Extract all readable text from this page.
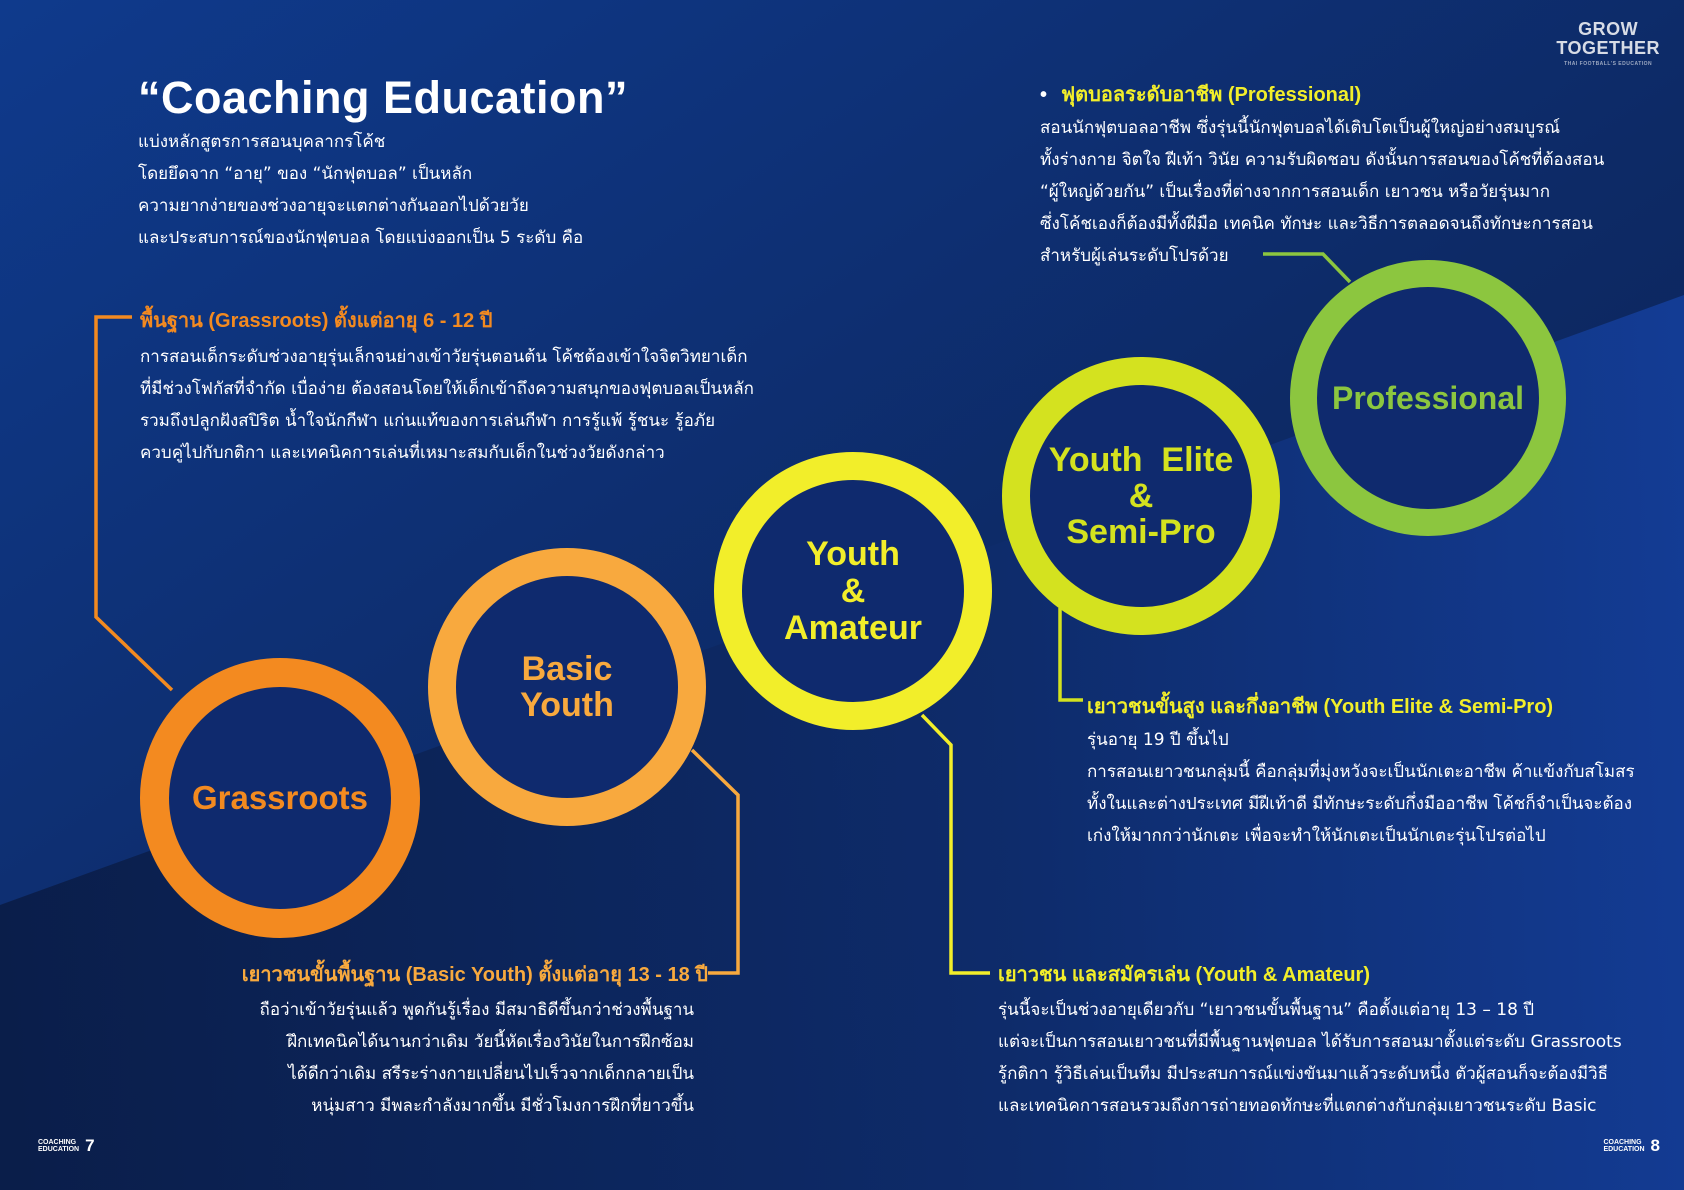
GROW
TOGETHER
THAI FOOTBALL'S EDUCATION
“Coaching Education”
แบ่งหลักสูตรการสอนบุคลากรโค้ช
โดยยึดจาก “อายุ” ของ “นักฟุตบอล” เป็นหลัก
ความยากง่ายของช่วงอายุจะแตกต่างกันออกไปด้วยวัย
และประสบการณ์ของนักฟุตบอล โดยแบ่งออกเป็น 5 ระดับ คือ
พื้นฐาน (Grassroots) ตั้งแต่อายุ 6 - 12 ปี
การสอนเด็กระดับช่วงอายุรุ่นเล็กจนย่างเข้าวัยรุ่นตอนต้น โค้ชต้องเข้าใจจิตวิทยาเด็ก
ที่มีช่วงโฟกัสที่จำกัด เบื่อง่าย ต้องสอนโดยให้เด็กเข้าถึงความสนุกของฟุตบอลเป็นหลัก
รวมถึงปลูกฝังสปิริต น้ำใจนักกีฬา แก่นแท้ของการเล่นกีฬา การรู้แพ้ รู้ชนะ รู้อภัย
ควบคู่ไปกับกติกา และเทคนิคการเล่นที่เหมาะสมกับเด็กในช่วงวัยดังกล่าว
• ฟุตบอลระดับอาชีพ (Professional)
สอนนักฟุตบอลอาชีพ ซึ่งรุ่นนี้นักฟุตบอลได้เติบโตเป็นผู้ใหญ่อย่างสมบูรณ์
ทั้งร่างกาย จิตใจ ฝีเท้า วินัย ความรับผิดชอบ ดังนั้นการสอนของโค้ชที่ต้องสอน
“ผู้ใหญ่ด้วยกัน” เป็นเรื่องที่ต่างจากการสอนเด็ก เยาวชน หรือวัยรุ่นมาก
ซึ่งโค้ชเองก็ต้องมีทั้งฝีมือ เทคนิค ทักษะ และวิธีการตลอดจนถึงทักษะการสอน
สำหรับผู้เล่นระดับโปรด้วย
เยาวชนขั้นสูง และกึ่งอาชีพ (Youth Elite & Semi-Pro)
รุ่นอายุ 19 ปี ขึ้นไป
การสอนเยาวชนกลุ่มนี้ คือกลุ่มที่มุ่งหวังจะเป็นนักเตะอาชีพ ค้าแข้งกับสโมสร
ทั้งในและต่างประเทศ มีฝีเท้าดี มีทักษะระดับกึ่งมืออาชีพ โค้ชก็จำเป็นจะต้อง
เก่งให้มากกว่านักเตะ เพื่อจะทำให้นักเตะเป็นนักเตะรุ่นโปรต่อไป
เยาวชนขั้นพื้นฐาน (Basic Youth) ตั้งแต่อายุ 13 - 18 ปี
ถือว่าเข้าวัยรุ่นแล้ว พูดกันรู้เรื่อง มีสมาธิดีขึ้นกว่าช่วงพื้นฐาน
ฝึกเทคนิคได้นานกว่าเดิม วัยนี้หัดเรื่องวินัยในการฝึกซ้อม
ได้ดีกว่าเดิม สรีระร่างกายเปลี่ยนไปเร็วจากเด็กกลายเป็น
หนุ่มสาว มีพละกำลังมากขึ้น มีชั่วโมงการฝึกที่ยาวขึ้น
เยาวชน และสมัครเล่น (Youth & Amateur)
รุ่นนี้จะเป็นช่วงอายุเดียวกับ “เยาวชนขั้นพื้นฐาน” คือตั้งแต่อายุ 13 – 18 ปี
แต่จะเป็นการสอนเยาวชนที่มีพื้นฐานฟุตบอล ได้รับการสอนมาตั้งแต่ระดับ Grassroots
รู้กติกา รู้วิธีเล่นเป็นทีม มีประสบการณ์แข่งขันมาแล้วระดับหนึ่ง ตัวผู้สอนก็จะต้องมีวิธี
และเทคนิคการสอนรวมถึงการถ่ายทอดทักษะที่แตกต่างกับกลุ่มเยาวชนระดับ Basic
Grassroots
Basic
Youth
Youth
&
Amateur
Youth  Elite
&
Semi-Pro
Professional
COACHING
EDUCATION 7	COACHING
EDUCATION 8
